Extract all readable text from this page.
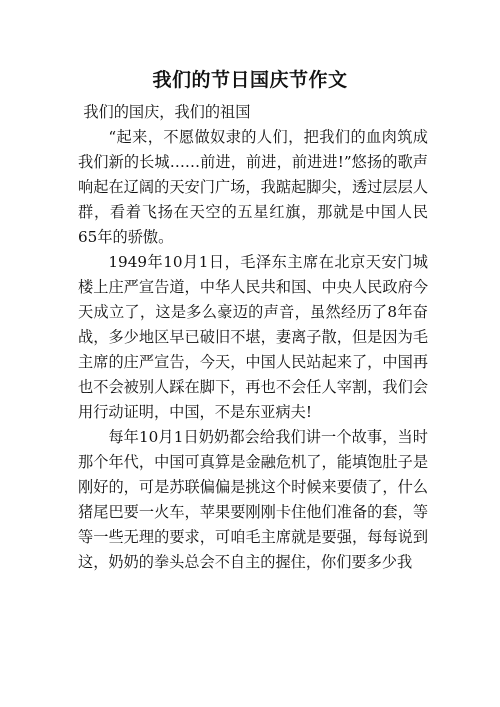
我们的节日国庆节作文

我们的国庆，我们的祖国

“起来，不愿做奴隶的人们，把我们的血肉筑成我们新的长城……前进，前进，前进进!”悠扬的歌声响起在辽阔的天安门广场，我踮起脚尖，透过层层人群，看着飞扬在天空的五星红旗，那就是中国人民65年的骄傲。

1949年10月1日，毛泽东主席在北京天安门城楼上庄严宣告道，中华人民共和国、中央人民政府今天成立了，这是多么豪迈的声音，虽然经历了8年奋战，多少地区早已破旧不堪，妻离子散，但是因为毛主席的庄严宣告，今天，中国人民站起来了，中国再也不会被别人踩在脚下，再也不会任人宰割，我们会用行动证明，中国，不是东亚病夫!

每年10月1日奶奶都会给我们讲一个故事，当时那个年代，中国可真算是金融危机了，能填饱肚子是刚好的，可是苏联偏偏是挑这个时候来要债了，什么猪尾巴要一火车，苹果要刚刚卡住他们准备的套，等等一些无理的要求，可咱毛主席就是要强，每每说到这，奶奶的拳头总会不自主的握住，你们要多少我
